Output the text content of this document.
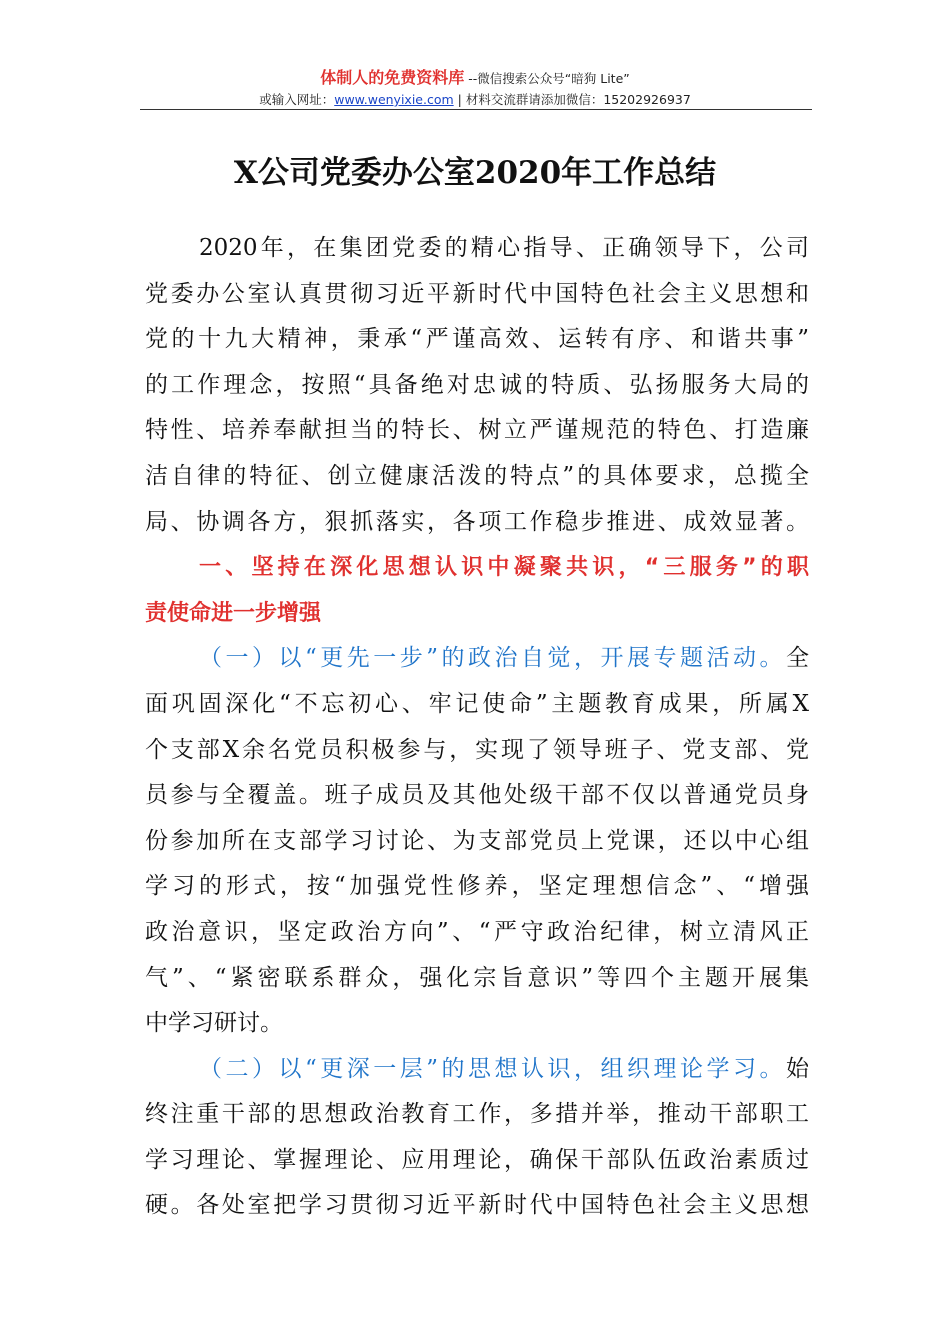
体制人的免费资料库 --微信搜索公众号“暗狗 Lite”
或输入网址：www.wenyixie.com | 材料交流群请添加微信：15202926937
X公司党委办公室2020年工作总结
2020年，在集团党委的精心指导、正确领导下，公司
党委办公室认真贯彻习近平新时代中国特色社会主义思想和
党的十九大精神，秉承“严谨高效、运转有序、和谐共事”
的工作理念，按照“具备绝对忠诚的特质、弘扬服务大局的
特性、培养奉献担当的特长、树立严谨规范的特色、打造廉
洁自律的特征、创立健康活泼的特点”的具体要求，总揽全
局、协调各方，狠抓落实，各项工作稳步推进、成效显著。
一、坚持在深化思想认识中凝聚共识，“三服务”的职
责使命进一步增强
（一）以“更先一步”的政治自觉，开展专题活动。全
面巩固深化“不忘初心、牢记使命”主题教育成果，所属X
个支部X余名党员积极参与，实现了领导班子、党支部、党
员参与全覆盖。班子成员及其他处级干部不仅以普通党员身
份参加所在支部学习讨论、为支部党员上党课，还以中心组
学习的形式，按“加强党性修养，坚定理想信念”、“增强
政治意识，坚定政治方向”、“严守政治纪律，树立清风正
气”、“紧密联系群众，强化宗旨意识”等四个主题开展集
中学习研讨。
（二）以“更深一层”的思想认识，组织理论学习。始
终注重干部的思想政治教育工作，多措并举，推动干部职工
学习理论、掌握理论、应用理论，确保干部队伍政治素质过
硬。各处室把学习贯彻习近平新时代中国特色社会主义思想
